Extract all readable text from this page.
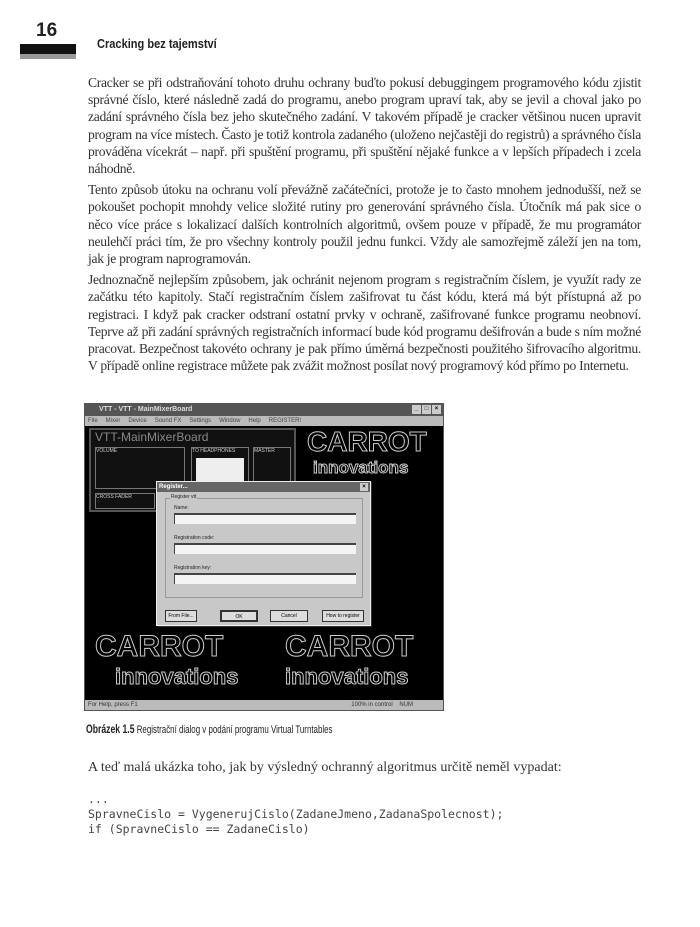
16
Cracking bez tajemství

Cracker se při odstraňování tohoto druhu ochrany buďto pokusí debuggingem programového kódu zjistit správné číslo, které následně zadá do programu, anebo program upraví tak, aby se jevil a choval jako po zadání správného čísla bez jeho skutečného zadání. V takovém případě je cracker většinou nucen upravit program na více místech. Často je totiž kontrola zadaného (uloženo nejčastěji do registrů) a správného čísla prováděna vícekrát – např. při spuštění programu, při spuštění nějaké funkce a v lepších případech i zcela náhodně.

Tento způsob útoku na ochranu volí převážně začátečníci, protože je to často mnohem jednodušší, než se pokoušet pochopit mnohdy velice složité rutiny pro generování správného čísla. Útočník má pak sice o něco více práce s lokalizací dalších kontrolních algoritmů, ovšem pouze v případě, že mu programátor neulehčí práci tím, že pro všechny kontroly použil jednu funkci. Vždy ale samozřejmě záleží jen na tom, jak je program naprogramován.

Jednoznačně nejlepším způsobem, jak ochránit nejenom program s registračním číslem, je využít rady ze začátku této kapitoly. Stačí registračním číslem zašifrovat tu část kódu, která má být přístupná až po registraci. I když pak cracker odstraní ostatní prvky v ochraně, zašifrované funkce programu neobnoví. Teprve až při zadání správných registračních informací bude kód programu dešifrován a bude s ním možné pracovat. Bezpečnost takovéto ochrany je pak přímo úměrná bezpečnosti použitého šifrovacího algoritmu. V případě online registrace můžete pak zvážit možnost posílat nový programový kód přímo po Internetu.

VTT - VTT - MainMixerBoard	_	□	×
File Mixer Device Sound FX Settings Window Help REGISTER!
CARROT
innovations
CARROT
innovations
CARROT
innovations
VTT-MainMixerBoard
VOLUME	TO HEADPHONES	MASTER
CROSS FADER
Register...	×
Register vtt
Name:
Registration code:
Registration key:
From File...	OK	Cancel	How to register
For Help, press F1	100% in control NUM
Obrázek 1.5 Registrační dialog v podání programu Virtual Turntables
A teď malá ukázka toho, jak by výsledný ochranný algoritmus určitě neměl vypadat:
...
SpravneCislo = VygenerujCislo(ZadaneJmeno,ZadanaSpolecnost);
if (SpravneCislo == ZadaneCislo)
